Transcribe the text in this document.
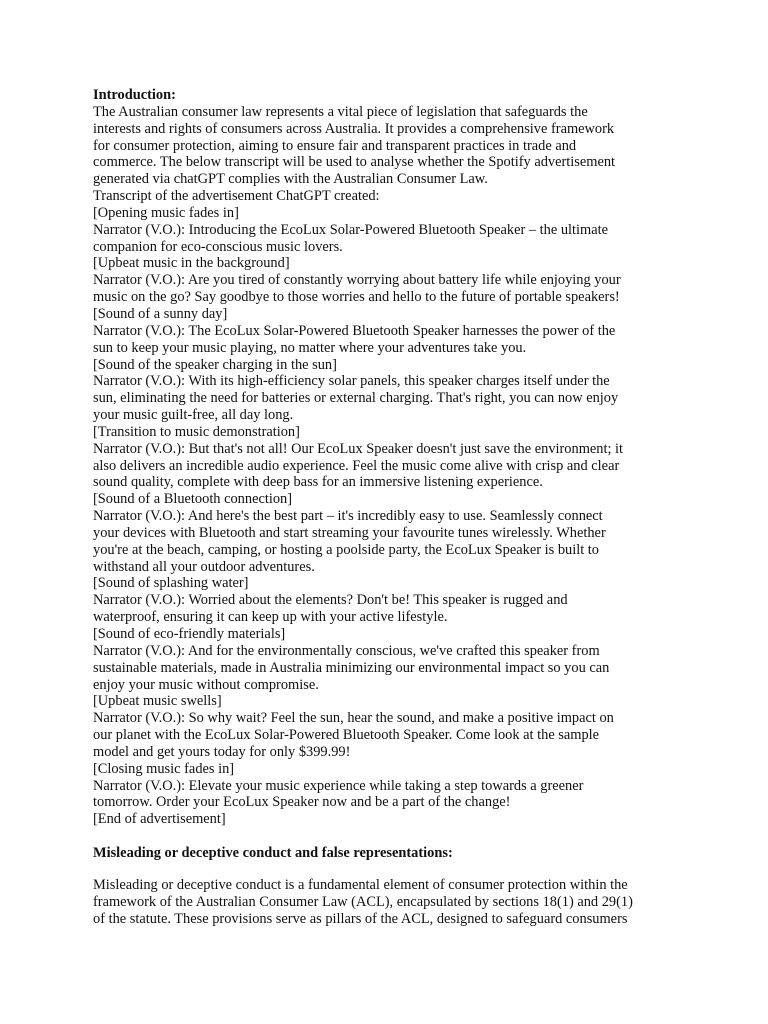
Introduction:
The Australian consumer law represents a vital piece of legislation that safeguards the
interests and rights of consumers across Australia. It provides a comprehensive framework
for consumer protection, aiming to ensure fair and transparent practices in trade and
commerce. The below transcript will be used to analyse whether the Spotify advertisement
generated via chatGPT complies with the Australian Consumer Law.
Transcript of the advertisement ChatGPT created:
[Opening music fades in]
Narrator (V.O.): Introducing the EcoLux Solar-Powered Bluetooth Speaker – the ultimate
companion for eco-conscious music lovers.
[Upbeat music in the background]
Narrator (V.O.): Are you tired of constantly worrying about battery life while enjoying your
music on the go? Say goodbye to those worries and hello to the future of portable speakers!
[Sound of a sunny day]
Narrator (V.O.): The EcoLux Solar-Powered Bluetooth Speaker harnesses the power of the
sun to keep your music playing, no matter where your adventures take you.
[Sound of the speaker charging in the sun]
Narrator (V.O.): With its high-efficiency solar panels, this speaker charges itself under the
sun, eliminating the need for batteries or external charging. That's right, you can now enjoy
your music guilt-free, all day long.
[Transition to music demonstration]
Narrator (V.O.): But that's not all! Our EcoLux Speaker doesn't just save the environment; it
also delivers an incredible audio experience. Feel the music come alive with crisp and clear
sound quality, complete with deep bass for an immersive listening experience.
[Sound of a Bluetooth connection]
Narrator (V.O.): And here's the best part – it's incredibly easy to use. Seamlessly connect
your devices with Bluetooth and start streaming your favourite tunes wirelessly. Whether
you're at the beach, camping, or hosting a poolside party, the EcoLux Speaker is built to
withstand all your outdoor adventures.
[Sound of splashing water]
Narrator (V.O.): Worried about the elements? Don't be! This speaker is rugged and
waterproof, ensuring it can keep up with your active lifestyle.
[Sound of eco-friendly materials]
Narrator (V.O.): And for the environmentally conscious, we've crafted this speaker from
sustainable materials, made in Australia minimizing our environmental impact so you can
enjoy your music without compromise.
[Upbeat music swells]
Narrator (V.O.): So why wait? Feel the sun, hear the sound, and make a positive impact on
our planet with the EcoLux Solar-Powered Bluetooth Speaker. Come look at the sample
model and get yours today for only $399.99!
[Closing music fades in]
Narrator (V.O.): Elevate your music experience while taking a step towards a greener
tomorrow. Order your EcoLux Speaker now and be a part of the change!
[End of advertisement]
Misleading or deceptive conduct and false representations:
Misleading or deceptive conduct is a fundamental element of consumer protection within the
framework of the Australian Consumer Law (ACL), encapsulated by sections 18(1) and 29(1)
of the statute. These provisions serve as pillars of the ACL, designed to safeguard consumers
